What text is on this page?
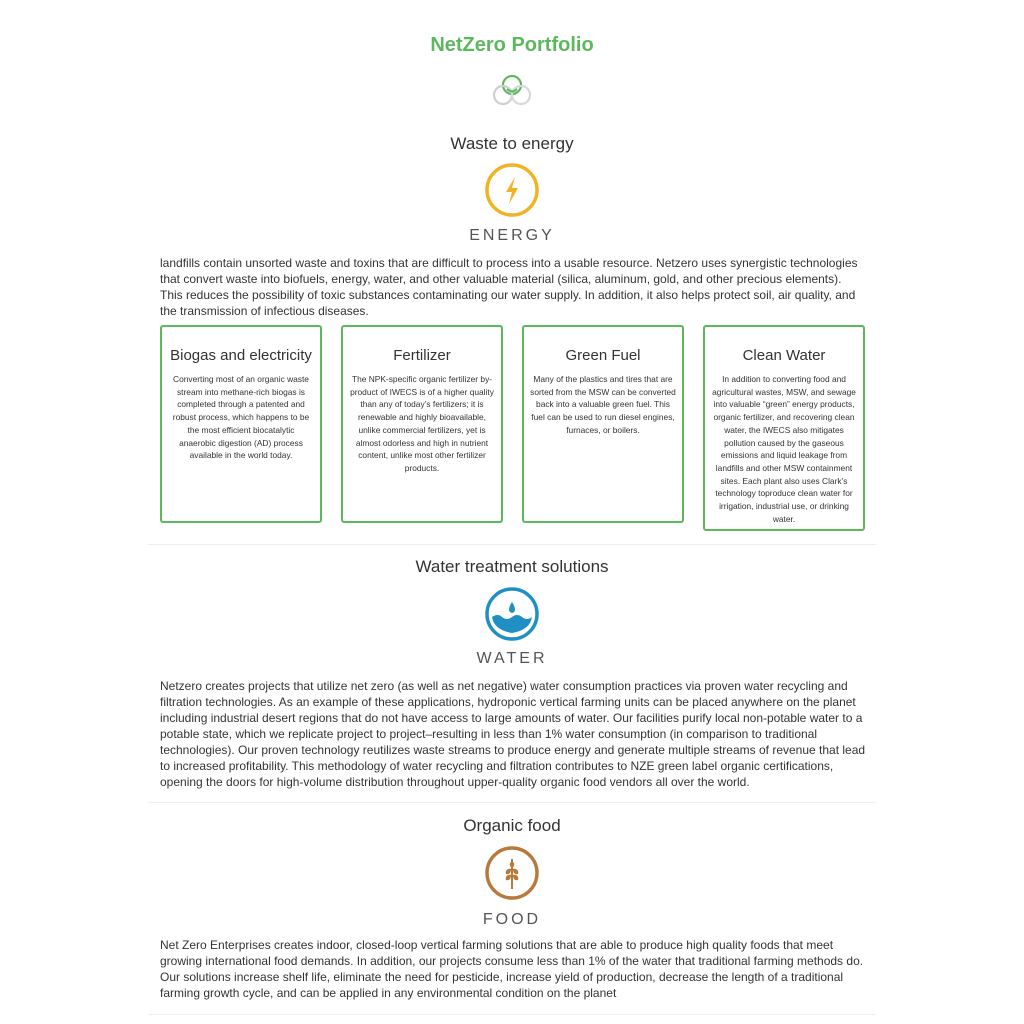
NetZero Portfolio
Waste to energy
ENERGY
landfills contain unsorted waste and toxins that are difficult to process into a usable resource. Netzero uses synergistic technologies that convert waste into biofuels, energy, water, and other valuable material (silica, aluminum, gold, and other precious elements). This reduces the possibility of toxic substances contaminating our water supply. In addition, it also helps protect soil, air quality, and the transmission of infectious diseases.
Biogas and electricity
Converting most of an organic waste stream into methane-rich biogas is completed through a patented and robust process, which happens to be the most efficient biocatalytic anaerobic digestion (AD) process available in the world today.
Fertilizer
The NPK-specific organic fertilizer by-product of IWECS is of a higher quality than any of today’s fertilizers; it is renewable and highly bioavailable, unlike commercial fertilizers, yet is almost odorless and high in nutrient content, unlike most other fertilizer products.
Green Fuel
Many of the plastics and tires that are sorted from the MSW can be converted back into a valuable green fuel. This fuel can be used to run diesel engines, furnaces, or boilers.
Clean Water
In addition to converting food and agricultural wastes, MSW, and sewage into valuable “green” energy products, organic fertilizer, and recovering clean water, the IWECS also mitigates pollution caused by the gaseous emissions and liquid leakage from landfills and other MSW containment sites. Each plant also uses Clark’s technology toproduce clean water for irrigation, industrial use, or drinking water.
Water treatment solutions
WATER
Netzero creates projects that utilize net zero (as well as net negative) water consumption practices via proven water recycling and filtration technologies. As an example of these applications, hydroponic vertical farming units can be placed anywhere on the planet including industrial desert regions that do not have access to large amounts of water. Our facilities purify local non-potable water to a potable state, which we replicate project to project–resulting in less than 1% water consumption (in comparison to traditional technologies). Our proven technology reutilizes waste streams to produce energy and generate multiple streams of revenue that lead to increased profitability. This methodology of water recycling and filtration contributes to NZE green label organic certifications, opening the doors for high-volume distribution throughout upper-quality organic food vendors all over the world.
Organic food
FOOD
Net Zero Enterprises creates indoor, closed-loop vertical farming solutions that are able to produce high quality foods that meet growing international food demands. In addition, our projects consume less than 1% of the water that traditional farming methods do. Our solutions increase shelf life, eliminate the need for pesticide, increase yield of production, decrease the length of a traditional farming growth cycle, and can be applied in any environmental condition on the planet
